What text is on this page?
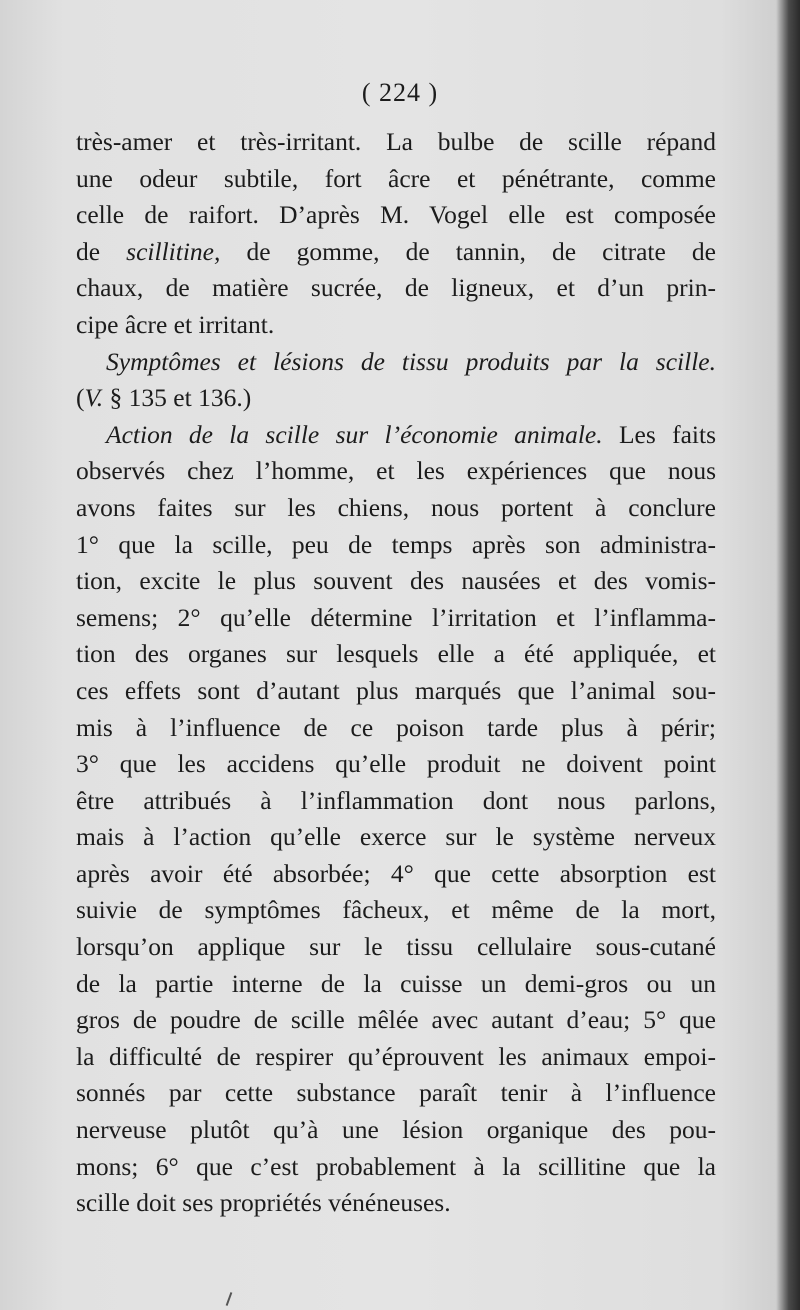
( 224 )
très-amer et très-irritant. La bulbe de scille répand
une odeur subtile, fort âcre et pénétrante, comme
celle de raifort. D’après M. Vogel elle est composée
de scillitine, de gomme, de tannin, de citrate de
chaux, de matière sucrée, de ligneux, et d’un prin-
cipe âcre et irritant.
Symptômes et lésions de tissu produits par la scille.
(V. § 135 et 136.)
Action de la scille sur l’économie animale. Les faits
observés chez l’homme, et les expériences que nous
avons faites sur les chiens, nous portent à conclure
1° que la scille, peu de temps après son administra-
tion, excite le plus souvent des nausées et des vomis-
semens; 2° qu’elle détermine l’irritation et l’inflamma-
tion des organes sur lesquels elle a été appliquée, et
ces effets sont d’autant plus marqués que l’animal sou-
mis à l’influence de ce poison tarde plus à périr;
3° que les accidens qu’elle produit ne doivent point
être attribués à l’inflammation dont nous parlons,
mais à l’action qu’elle exerce sur le système nerveux
après avoir été absorbée; 4° que cette absorption est
suivie de symptômes fâcheux, et même de la mort,
lorsqu’on applique sur le tissu cellulaire sous-cutané
de la partie interne de la cuisse un demi-gros ou un
gros de poudre de scille mêlée avec autant d’eau; 5° que
la difficulté de respirer qu’éprouvent les animaux empoi-
sonnés par cette substance paraît tenir à l’influence
nerveuse plutôt qu’à une lésion organique des pou-
mons; 6° que c’est probablement à la scillitine que la
scille doit ses propriétés vénéneuses.
